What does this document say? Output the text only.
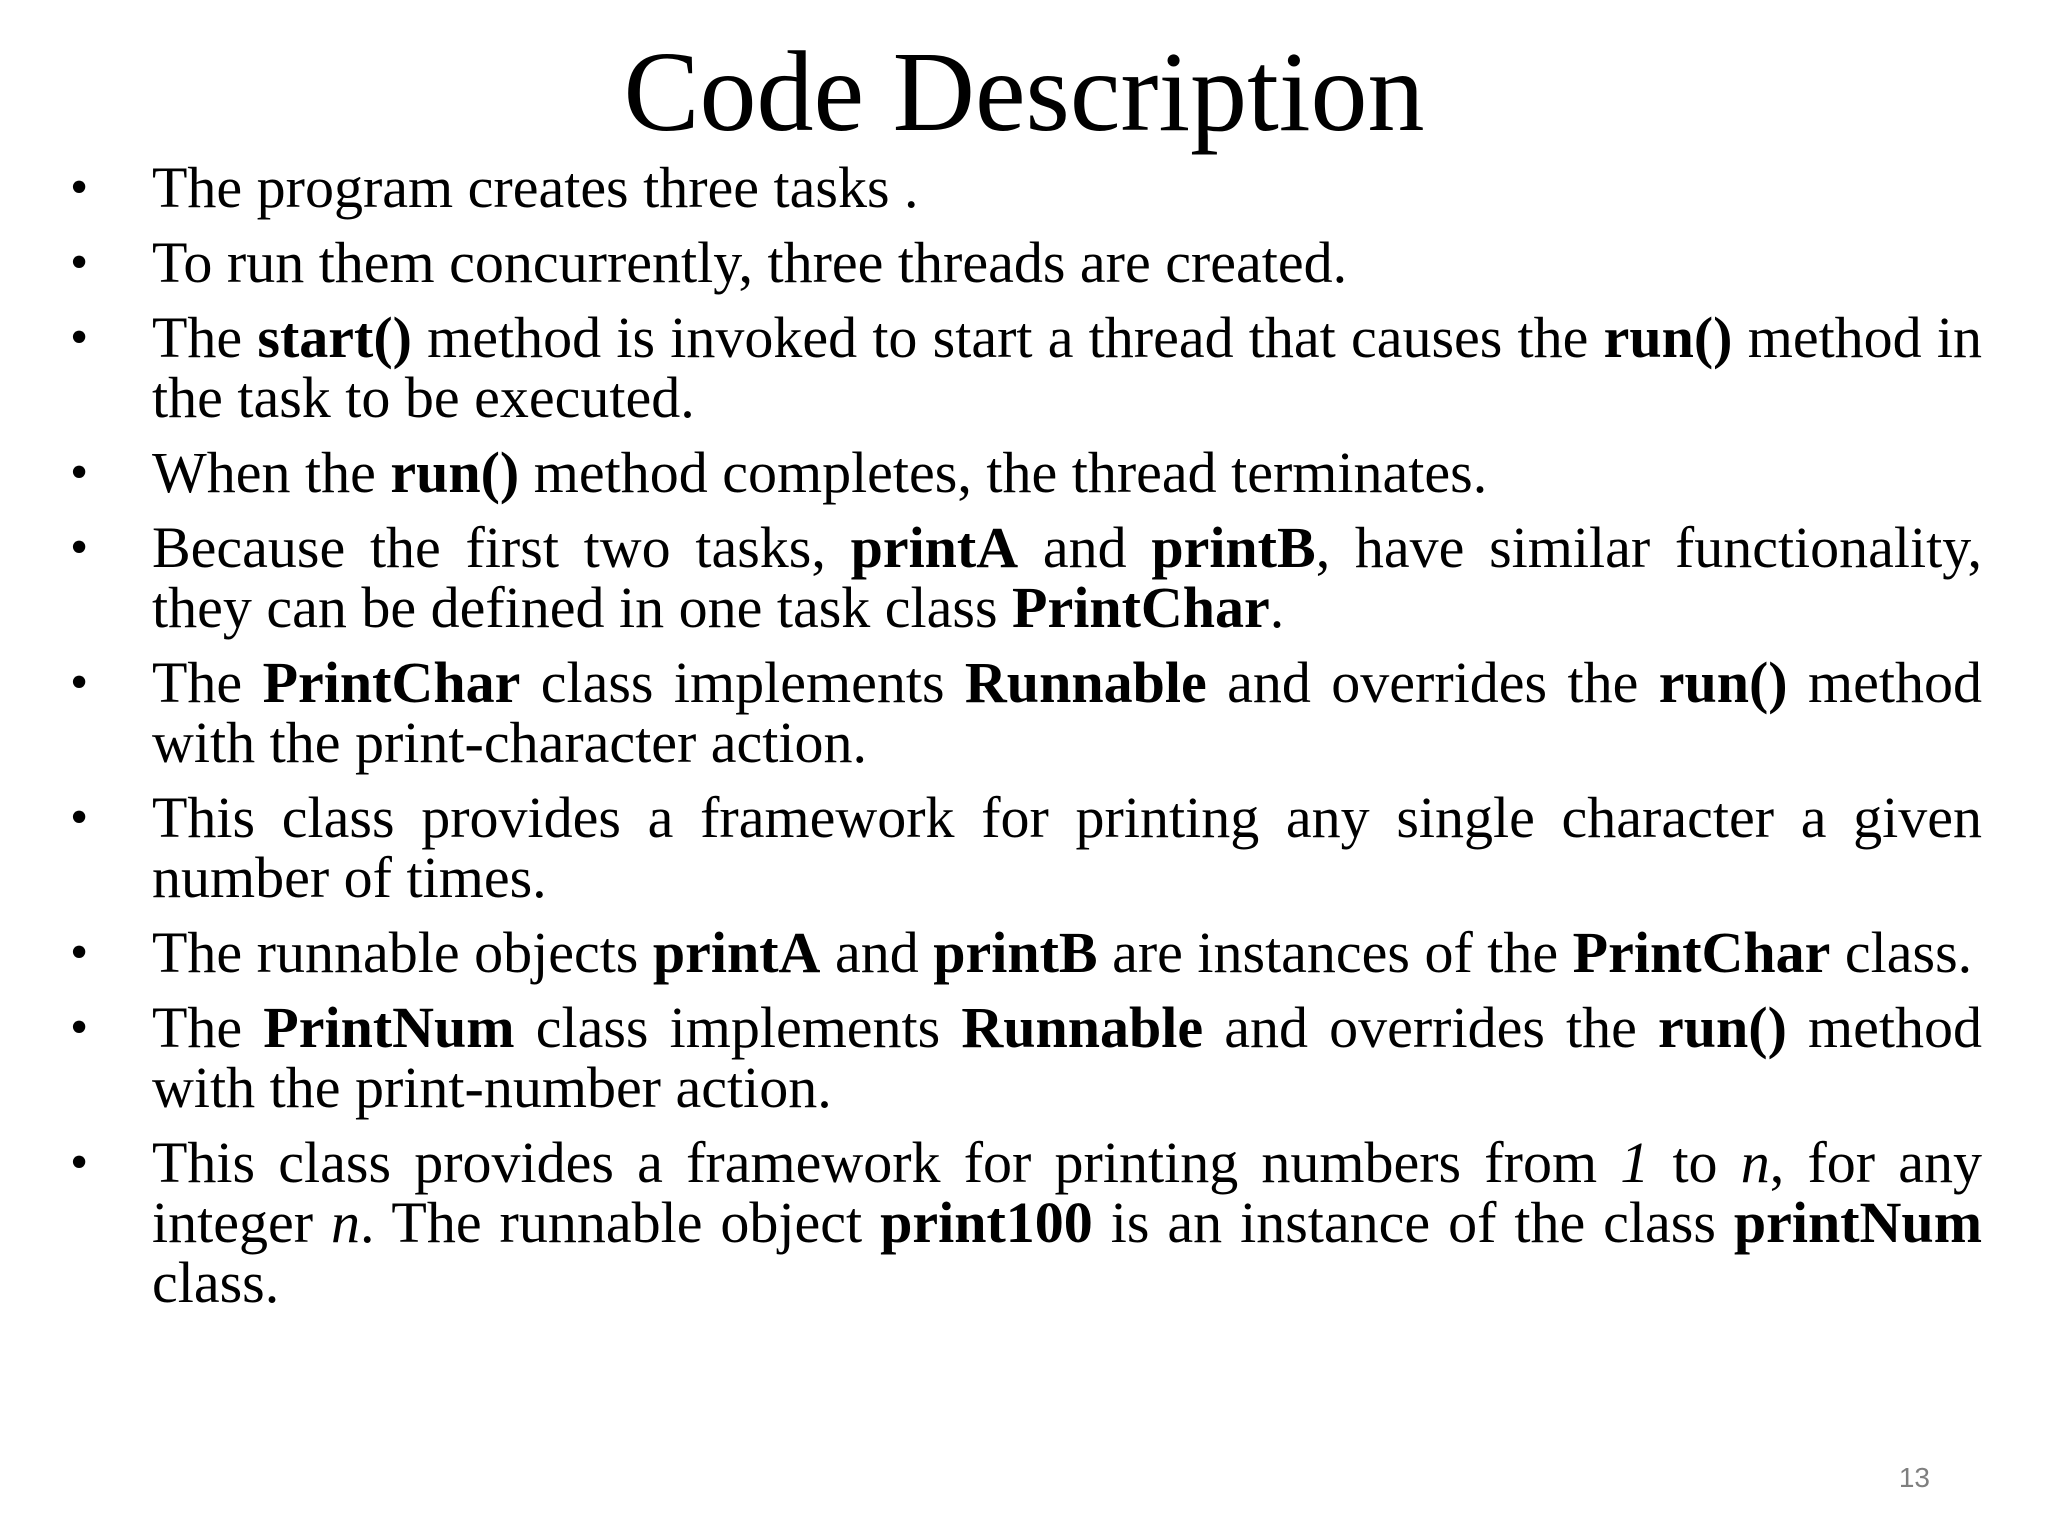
Code Description
•	The program creates three tasks .
•	To run them concurrently, three threads are created.
•	The start() method is invoked to start a thread that causes the run() method in the task to be executed.
•	When the run() method completes, the thread terminates.
•	Because the first two tasks, printA and printB, have similar functionality, they can be defined in one task class PrintChar.
•	The PrintChar class implements Runnable and overrides the run() method with the print-character action.
•	This class provides a framework for printing any single character a given number of times.
•	The runnable objects printA and printB are instances of the PrintChar class.
•	The PrintNum class implements Runnable and overrides the run() method with the print-number action.
•	This class provides a framework for printing numbers from 1 to n, for any integer n. The runnable object print100 is an instance of the class printNum class.
13
